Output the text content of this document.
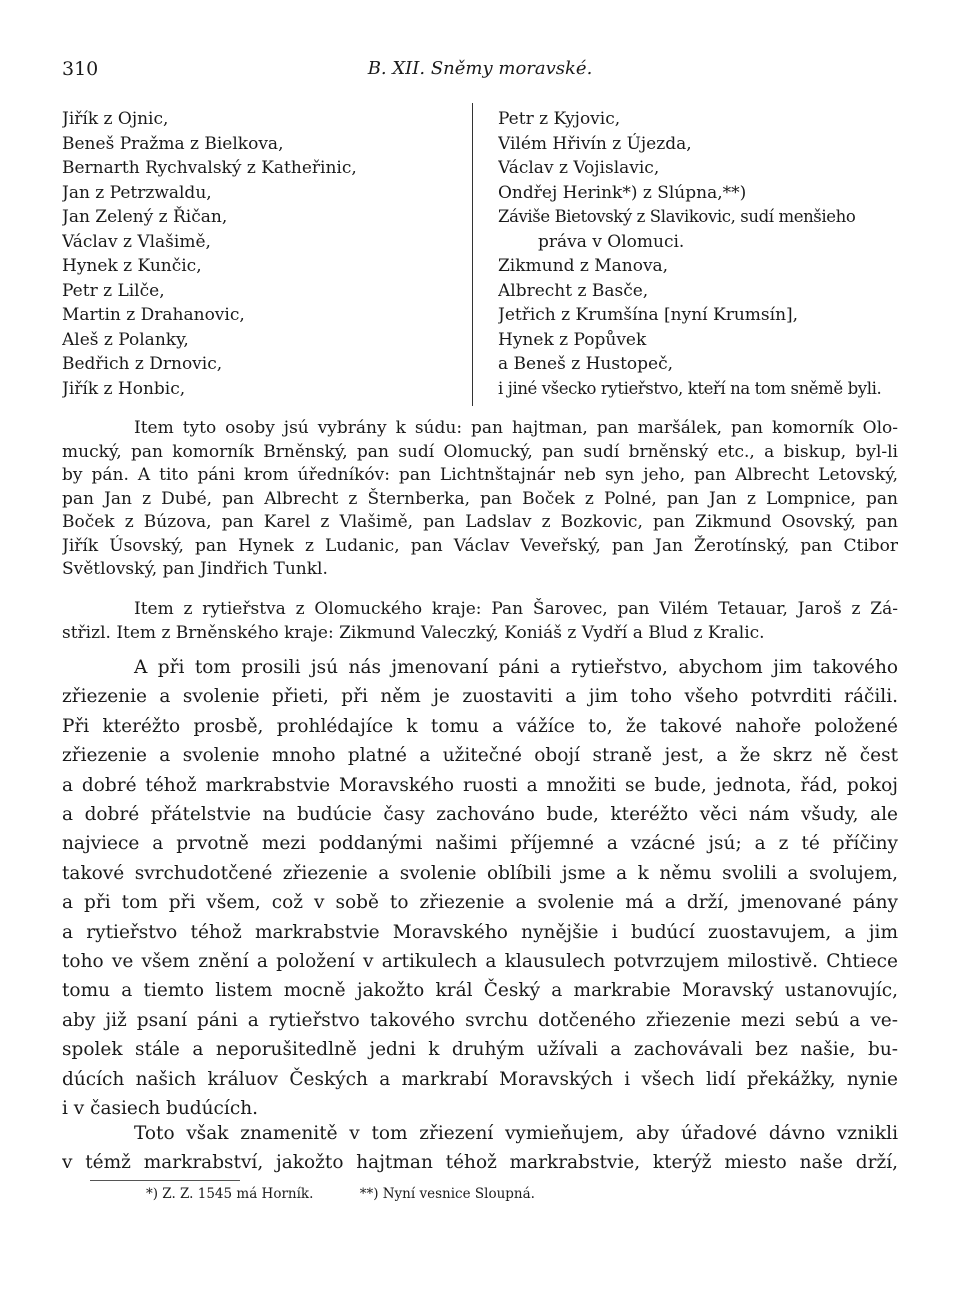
310	B. XII. Sněmy moravské.
Jiřík z Ojnic,
Beneš Pražma z Bielkova,
Bernarth Rychvalský z Katheřinic,
Jan z Petrzwaldu,
Jan Zelený z Řičan,
Václav z Vlašimě,
Hynek z Kunčic,
Petr z Lilče,
Martin z Drahanovic,
Aleš z Polanky,
Bedřich z Drnovic,
Jiřík z Honbic,
Petr z Kyjovic,
Vilém Hřivín z Újezda,
Václav z Vojislavic,
Ondřej Herink*) z Slúpna,**)
Záviše Bietovský z Slavikovic, sudí menšieho
práva v Olomuci.
Zikmund z Manova,
Albrecht z Basče,
Jetřich z Krumšína [nyní Krumsín],
Hynek z Popůvek
a Beneš z Hustopeč,
i jiné všecko rytieřstvo, kteří na tom sněmě byli.
Item tyto osoby jsú vybrány k súdu: pan hajtman, pan maršálek, pan komorník Olo-
mucký, pan komorník Brněnský, pan sudí Olomucký, pan sudí brněnský etc., a biskup, byl-li
by pán. A tito páni krom úředníkóv: pan Lichtnštajnár neb syn jeho, pan Albrecht Letovský,
pan Jan z Dubé, pan Albrecht z Šternberka, pan Boček z Polné, pan Jan z Lompnice, pan
Boček z Búzova, pan Karel z Vlašimě, pan Ladslav z Bozkovic, pan Zikmund Osovský, pan
Jiřík Úsovský, pan Hynek z Ludanic, pan Václav Veveřský, pan Jan Žerotínský, pan Ctibor
Světlovský, pan Jindřich Tunkl.
Item z rytieřstva z Olomuckého kraje: Pan Šarovec, pan Vilém Tetauar, Jaroš z Zá-
střizl. Item z Brněnského kraje: Zikmund Valeczký, Koniáš z Vydří a Blud z Kralic.
A při tom prosili jsú nás jmenovaní páni a rytieřstvo, abychom jim takového
zřiezenie a svolenie přieti, při něm je zuostaviti a jim toho všeho potvrditi ráčili.
Při kteréžto prosbě, prohlédajíce k tomu a vážíce to, že takové nahoře položené
zřiezenie a svolenie mnoho platné a užitečné obojí straně jest, a že skrz ně čest
a dobré téhož markrabstvie Moravského ruosti a množiti se bude, jednota, řád, pokoj
a dobré přátelstvie na budúcie časy zachováno bude, kteréžto věci nám všudy, ale
najviece a prvotně mezi poddanými našimi příjemné a vzácné jsú; a z té příčiny
takové svrchudotčené zřiezenie a svolenie oblíbili jsme a k němu svolili a svolujem,
a při tom při všem, což v sobě to zřiezenie a svolenie má a drží, jmenované pány
a rytieřstvo téhož markrabstvie Moravského nynějšie i budúcí zuostavujem, a jim
toho ve všem znění a položení v artikulech a klausulech potvrzujem milostivě. Chtiece
tomu a tiemto listem mocně jakožto král Český a markrabie Moravský ustanovujíc,
aby již psaní páni a rytieřstvo takového svrchu dotčeného zřiezenie mezi sebú a ve-
spolek stále a neporušitedlně jedni k druhým užívali a zachovávali bez našie, bu-
dúcích našich králuov Českých a markrabí Moravských i všech lidí překážky, nynie
i v časiech budúcích.
Toto však znamenitě v tom zřiezení vymieňujem, aby úřadové dávno vznikli
v témž markrabství, jakožto hajtman téhož markrabstvie, kterýž miesto naše drží,
*) Z. Z. 1545 má Horník.	**) Nyní vesnice Sloupná.
